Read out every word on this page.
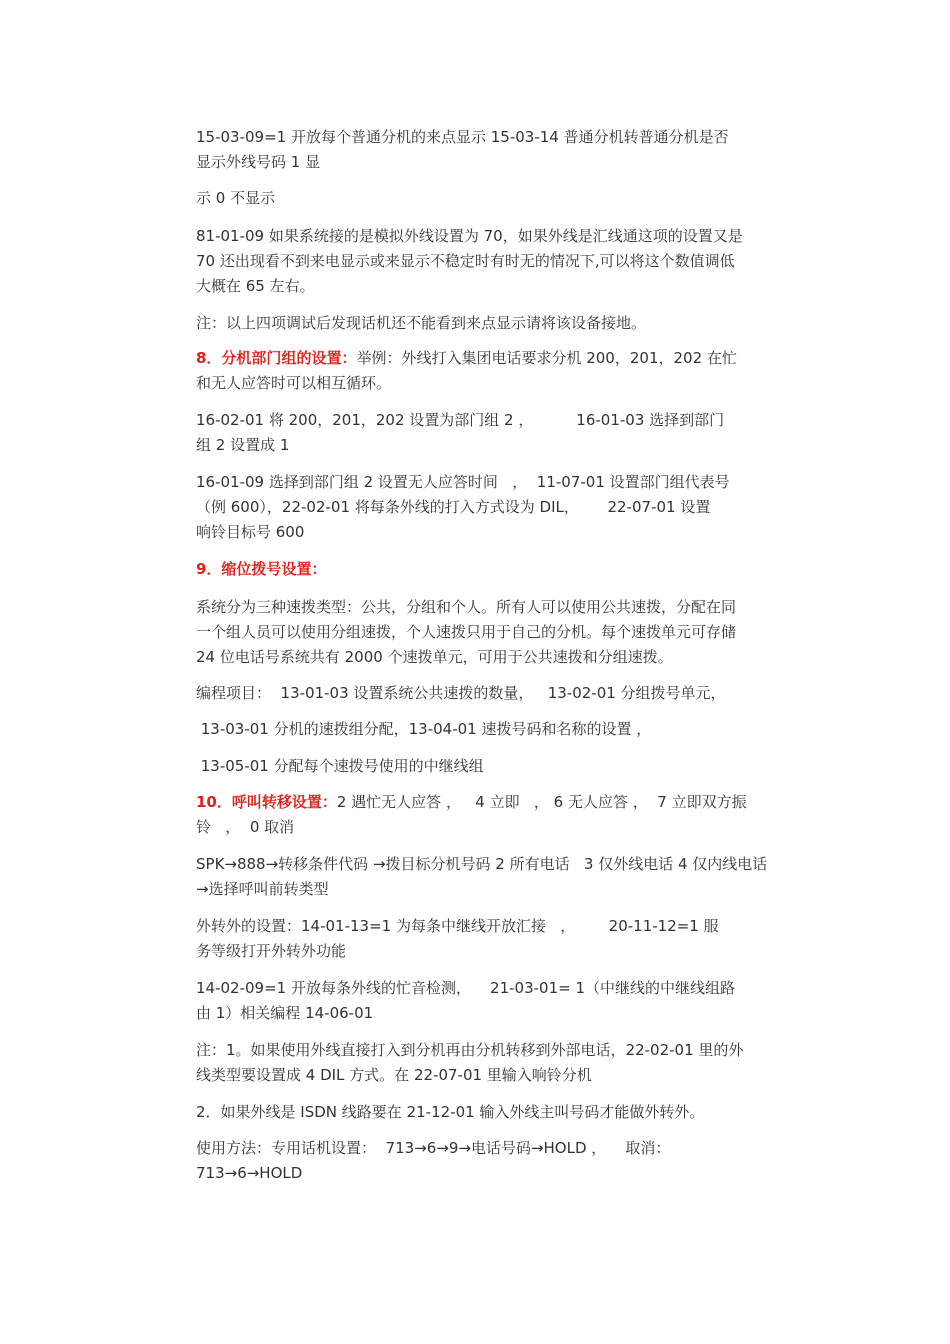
15-03-09=1 开放每个普通分机的来点显示 15-03-14 普通分机转普通分机是否
显示外线号码 1 显

示 0 不显示

81-01-09 如果系统接的是模拟外线设置为 70，如果外线是汇线通这项的设置又是
70 还出现看不到来电显示或来显示不稳定时有时无的情况下,可以将这个数值调低
大概在 65 左右。

注：以上四项调试后发现话机还不能看到来点显示请将该设备接地。

8．分机部门组的设置：举例：外线打入集团电话要求分机 200，201，202 在忙
和无人应答时可以相互循环。

16-02-01 将 200，201，202 设置为部门组 2 ，         16-01-03 选择到部门
组 2 设置成 1

16-01-09 选择到部门组 2 设置无人应答时间   ，  11-07-01 设置部门组代表号
（例 600），22-02-01 将每条外线的打入方式设为 DIL，      22-07-01 设置
响铃目标号 600

9．缩位拨号设置：

系统分为三种速拨类型：公共，分组和个人。所有人可以使用公共速拨，分配在同
一个组人员可以使用分组速拨，个人速拨只用于自己的分机。每个速拨单元可存储
24 位电话号系统共有 2000 个速拨单元，可用于公共速拨和分组速拨。

编程项目：  13-01-03 设置系统公共速拨的数量，   13-02-01 分组拨号单元，

13-03-01 分机的速拨组分配，13-04-01 速拨号码和名称的设置 ，

13-05-01 分配每个速拨号使用的中继线组

10．呼叫转移设置：2 遇忙无人应答 ，   4 立即   ， 6 无人应答 ，  7 立即双方振
铃   ，  0 取消

SPK→888→转移条件代码 →拨目标分机号码 2 所有电话   3 仅外线电话 4 仅内线电话
→选择呼叫前转类型

外转外的设置：14-01-13=1 为每条中继线开放汇接   ，       20-11-12=1 服
务等级打开外转外功能

14-02-09=1 开放每条外线的忙音检测，    21-03-01= 1（中继线的中继线组路
由 1）相关编程 14-06-01

注：1。如果使用外线直接打入到分机再由分机转移到外部电话，22-02-01 里的外
线类型要设置成 4 DIL 方式。在 22-07-01 里输入响铃分机

2．如果外线是 ISDN 线路要在 21-12-01 输入外线主叫号码才能做外转外。

使用方法：专用话机设置：  713→6→9→电话号码→HOLD ，    取消：
713→6→HOLD
